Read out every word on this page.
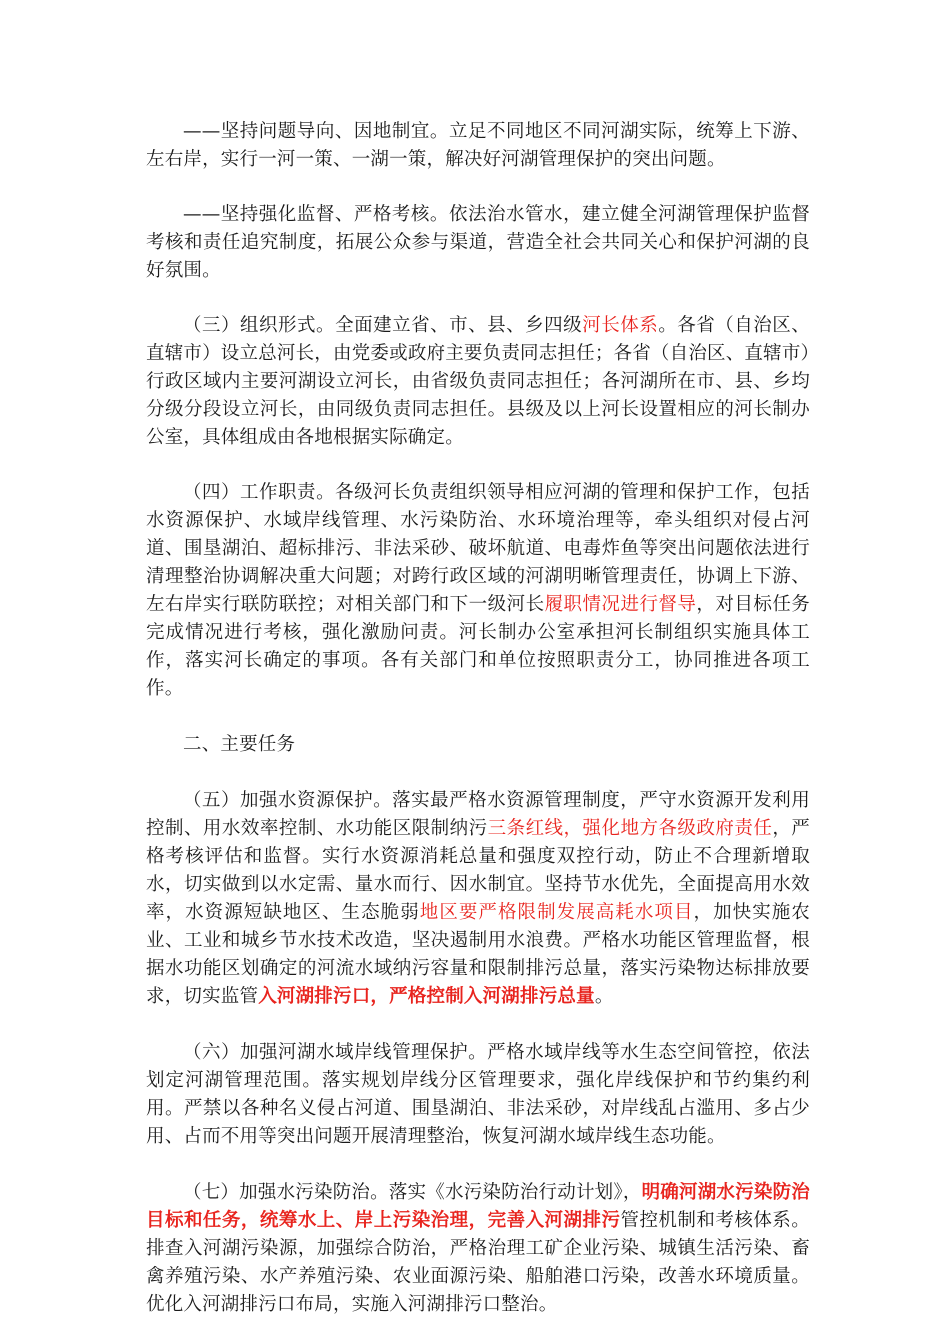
——坚持问题导向、因地制宜。立足不同地区不同河湖实际，统筹上下游、左右岸，实行一河一策、一湖一策，解决好河湖管理保护的突出问题。

——坚持强化监督、严格考核。依法治水管水，建立健全河湖管理保护监督考核和责任追究制度，拓展公众参与渠道，营造全社会共同关心和保护河湖的良好氛围。

（三）组织形式。全面建立省、市、县、乡四级河长体系。各省（自治区、直辖市）设立总河长，由党委或政府主要负责同志担任；各省（自治区、直辖市）行政区域内主要河湖设立河长，由省级负责同志担任；各河湖所在市、县、乡均分级分段设立河长，由同级负责同志担任。县级及以上河长设置相应的河长制办公室，具体组成由各地根据实际确定。

（四）工作职责。各级河长负责组织领导相应河湖的管理和保护工作，包括水资源保护、水域岸线管理、水污染防治、水环境治理等，牵头组织对侵占河道、围垦湖泊、超标排污、非法采砂、破坏航道、电毒炸鱼等突出问题依法进行清理整治协调解决重大问题；对跨行政区域的河湖明晰管理责任，协调上下游、左右岸实行联防联控；对相关部门和下一级河长履职情况进行督导，对目标任务完成情况进行考核，强化激励问责。河长制办公室承担河长制组织实施具体工作，落实河长确定的事项。各有关部门和单位按照职责分工，协同推进各项工作。

二、主要任务

（五）加强水资源保护。落实最严格水资源管理制度，严守水资源开发利用控制、用水效率控制、水功能区限制纳污三条红线，强化地方各级政府责任，严格考核评估和监督。实行水资源消耗总量和强度双控行动，防止不合理新增取水，切实做到以水定需、量水而行、因水制宜。坚持节水优先，全面提高用水效率，水资源短缺地区、生态脆弱地区要严格限制发展高耗水项目，加快实施农业、工业和城乡节水技术改造，坚决遏制用水浪费。严格水功能区管理监督，根据水功能区划确定的河流水域纳污容量和限制排污总量，落实污染物达标排放要求，切实监管入河湖排污口，严格控制入河湖排污总量。

（六）加强河湖水域岸线管理保护。严格水域岸线等水生态空间管控，依法划定河湖管理范围。落实规划岸线分区管理要求，强化岸线保护和节约集约利用。严禁以各种名义侵占河道、围垦湖泊、非法采砂，对岸线乱占滥用、多占少用、占而不用等突出问题开展清理整治，恢复河湖水域岸线生态功能。

（七）加强水污染防治。落实《水污染防治行动计划》，明确河湖水污染防治目标和任务，统筹水上、岸上污染治理，完善入河湖排污管控机制和考核体系。排查入河湖污染源，加强综合防治，严格治理工矿企业污染、城镇生活污染、畜禽养殖污染、水产养殖污染、农业面源污染、船舶港口污染，改善水环境质量。优化入河湖排污口布局，实施入河湖排污口整治。
